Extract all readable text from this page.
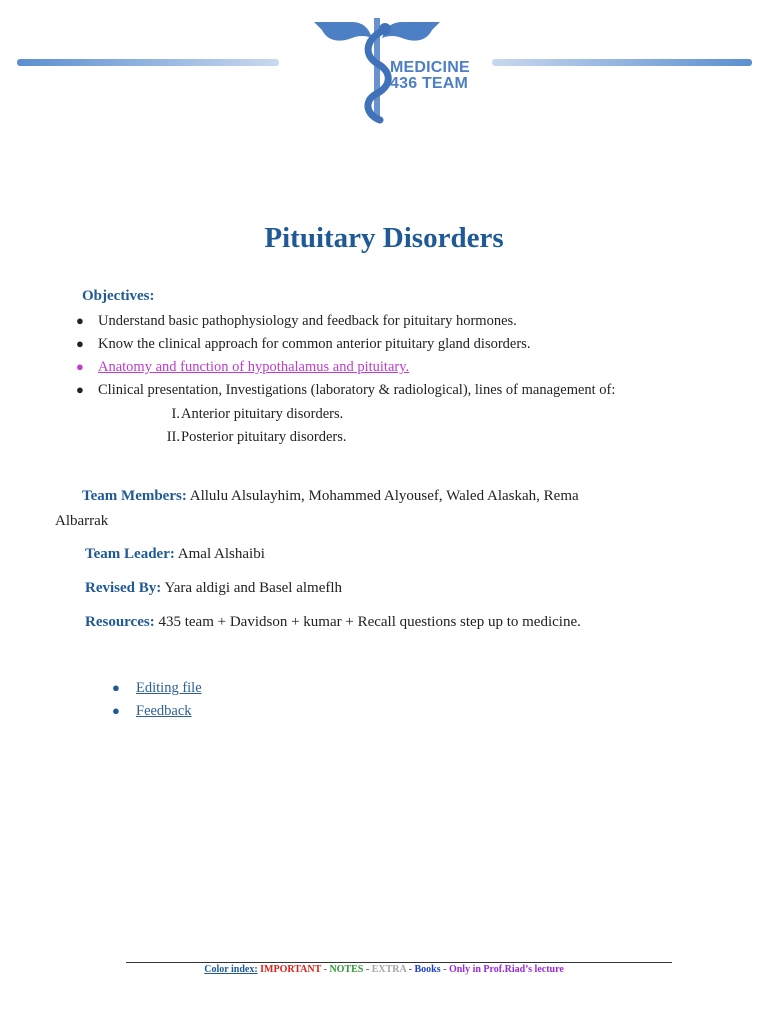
MEDICINE
436 TEAM
Pituitary Disorders
Objectives:
● Understand basic pathophysiology and feedback for pituitary hormones.
● Know the clinical approach for common anterior pituitary gland disorders.
● Anatomy and function of hypothalamus and pituitary.
● Clinical presentation, Investigations (laboratory & radiological), lines of management of:
I. Anterior pituitary disorders.
II. Posterior pituitary disorders.
Team Members: Allulu Alsulayhim, Mohammed Alyousef, Waled Alaskah, Rema
Albarrak
Team Leader: Amal Alshaibi
Revised By: Yara aldigi and Basel almeflh
Resources: 435 team + Davidson + kumar + Recall questions step up to medicine.
● Editing file
● Feedback
Color index: IMPORTANT - NOTES - EXTRA - Books - Only in Prof.Riad’s lecture
